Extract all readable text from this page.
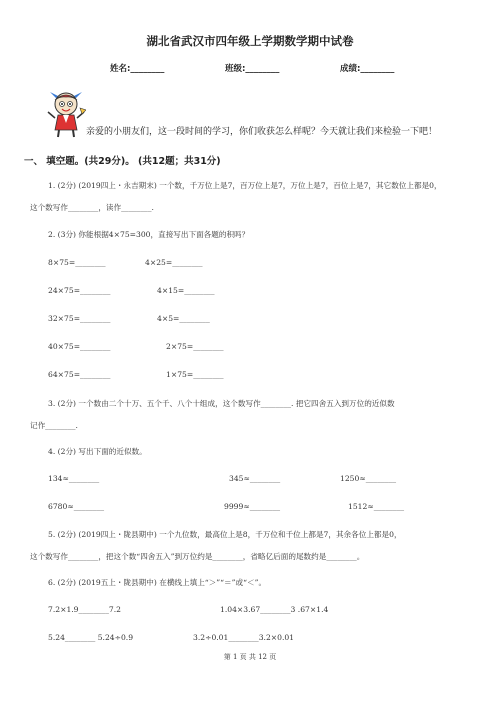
湖北省武汉市四年级上学期数学期中试卷
姓名:________	班级:________	成绩:________
亲爱的小朋友们，这一段时间的学习，你们收获怎么样呢？今天就让我们来检验一下吧！
一、 填空题。(共29分)。 (共12题；共31分)
1. (2分) (2019四上・永吉期末) 一个数，千万位上是7，百万位上是7，万位上是7，百位上是7，其它数位上都是0，
这个数写作________，读作________.
2. (3分) 你能根据4×75=300，直接写出下面各题的积吗？
8×75=________	4×25=________
24×75=________	4×15=________
32×75=________	4×5=________
40×75=________	2×75=________
64×75=________	1×75=________
3. (2分) 一个数由二个十万、五个千、八个十组成，这个数写作________. 把它四舍五入到万位的近似数
记作________.
4. (2分) 写出下面的近似数。
134≈________	345≈________	1250≈________
6780≈________	9999≈________	1512≈________
5. (2分) (2019四上・陇县期中) 一个九位数，最高位上是8，千万位和千位上都是7，其余各位上都是0，
这个数写作________，把这个数“四舍五入”到万位约是________，省略亿后面的尾数约是________。
6. (2分) (2019五上・陇县期中) 在横线上填上“＞”“＝”或“＜”。
7.2×1.9________7.2	1.04×3.67________3 .67×1.4
5.24________ 5.24÷0.9	3.2÷0.01________3.2×0.01
第 1 页 共 12 页
